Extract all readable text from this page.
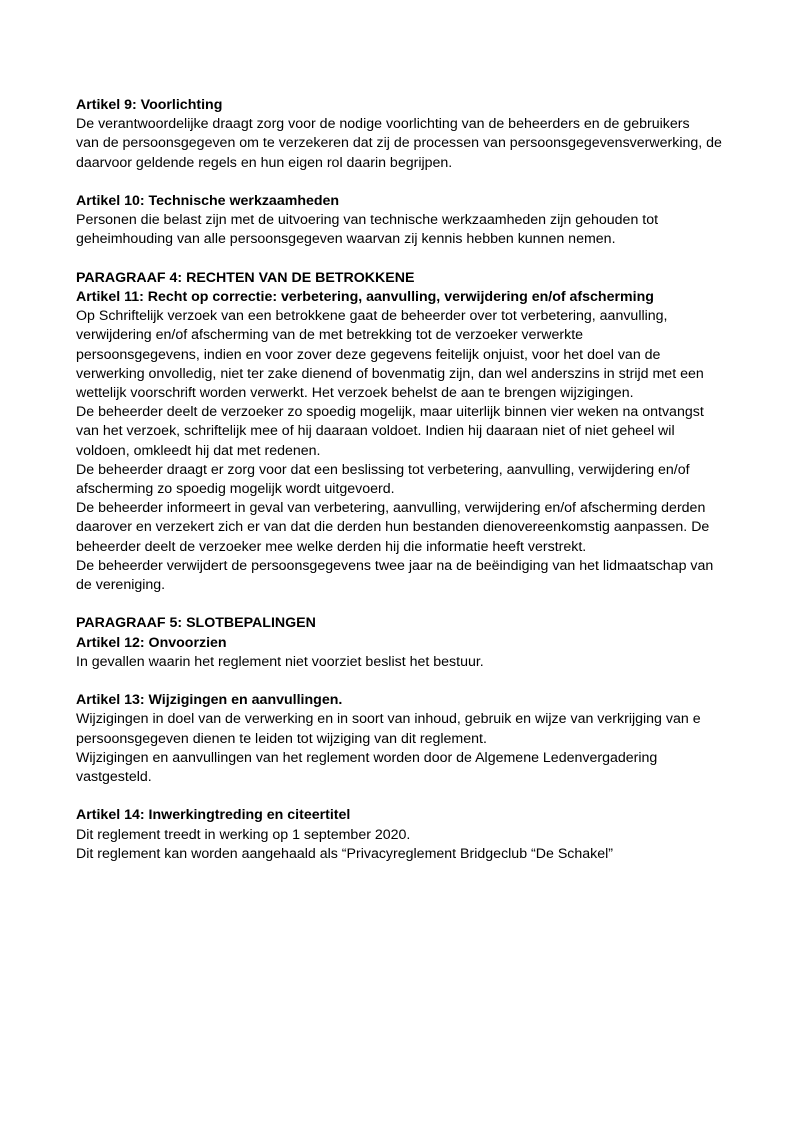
Artikel 9: Voorlichting
De verantwoordelijke draagt zorg voor de nodige voorlichting van de beheerders en de gebruikers
van de persoonsgegeven om te verzekeren dat zij de processen van persoonsgegevensverwerking, de
daarvoor geldende regels en hun eigen rol daarin begrijpen.
Artikel 10: Technische werkzaamheden
Personen die belast zijn met de uitvoering van technische werkzaamheden zijn gehouden tot
geheimhouding van alle persoonsgegeven waarvan zij kennis hebben kunnen nemen.
PARAGRAAF 4: RECHTEN VAN DE BETROKKENE
Artikel 11: Recht op correctie: verbetering, aanvulling, verwijdering en/of afscherming
Op Schriftelijk verzoek van een betrokkene gaat de beheerder over tot verbetering, aanvulling,
verwijdering en/of afscherming van de met betrekking tot de verzoeker verwerkte
persoonsgegevens, indien en voor zover deze gegevens feitelijk onjuist, voor het doel van de
verwerking onvolledig, niet ter zake dienend of bovenmatig zijn, dan wel anderszins in strijd met een
wettelijk voorschrift worden verwerkt. Het verzoek behelst de aan te brengen wijzigingen.
De beheerder deelt de verzoeker zo spoedig mogelijk, maar uiterlijk binnen vier weken na ontvangst
van het verzoek, schriftelijk mee of hij daaraan voldoet. Indien hij daaraan niet of niet geheel wil
voldoen, omkleedt hij dat met redenen.
De beheerder draagt er zorg voor dat een beslissing tot verbetering, aanvulling, verwijdering en/of
afscherming zo spoedig mogelijk wordt uitgevoerd.
De beheerder informeert in geval van verbetering, aanvulling, verwijdering en/of afscherming derden
daarover en verzekert zich er van dat die derden hun bestanden dienovereenkomstig aanpassen. De
beheerder deelt de verzoeker mee welke derden hij die informatie heeft verstrekt.
De beheerder verwijdert de persoonsgegevens twee jaar na de beëindiging van het lidmaatschap van
de vereniging.
PARAGRAAF 5: SLOTBEPALINGEN
Artikel 12: Onvoorzien
In gevallen waarin het reglement niet voorziet beslist het bestuur.
Artikel 13: Wijzigingen en aanvullingen.
Wijzigingen in doel van de verwerking en in soort van inhoud, gebruik en wijze van verkrijging van e
persoonsgegeven dienen te leiden tot wijziging van dit reglement.
Wijzigingen en aanvullingen van het reglement worden door de Algemene Ledenvergadering
vastgesteld.
Artikel 14: Inwerkingtreding en citeertitel
Dit reglement treedt in werking op 1 september 2020.
Dit reglement kan worden aangehaald als “Privacyreglement Bridgeclub “De Schakel”
